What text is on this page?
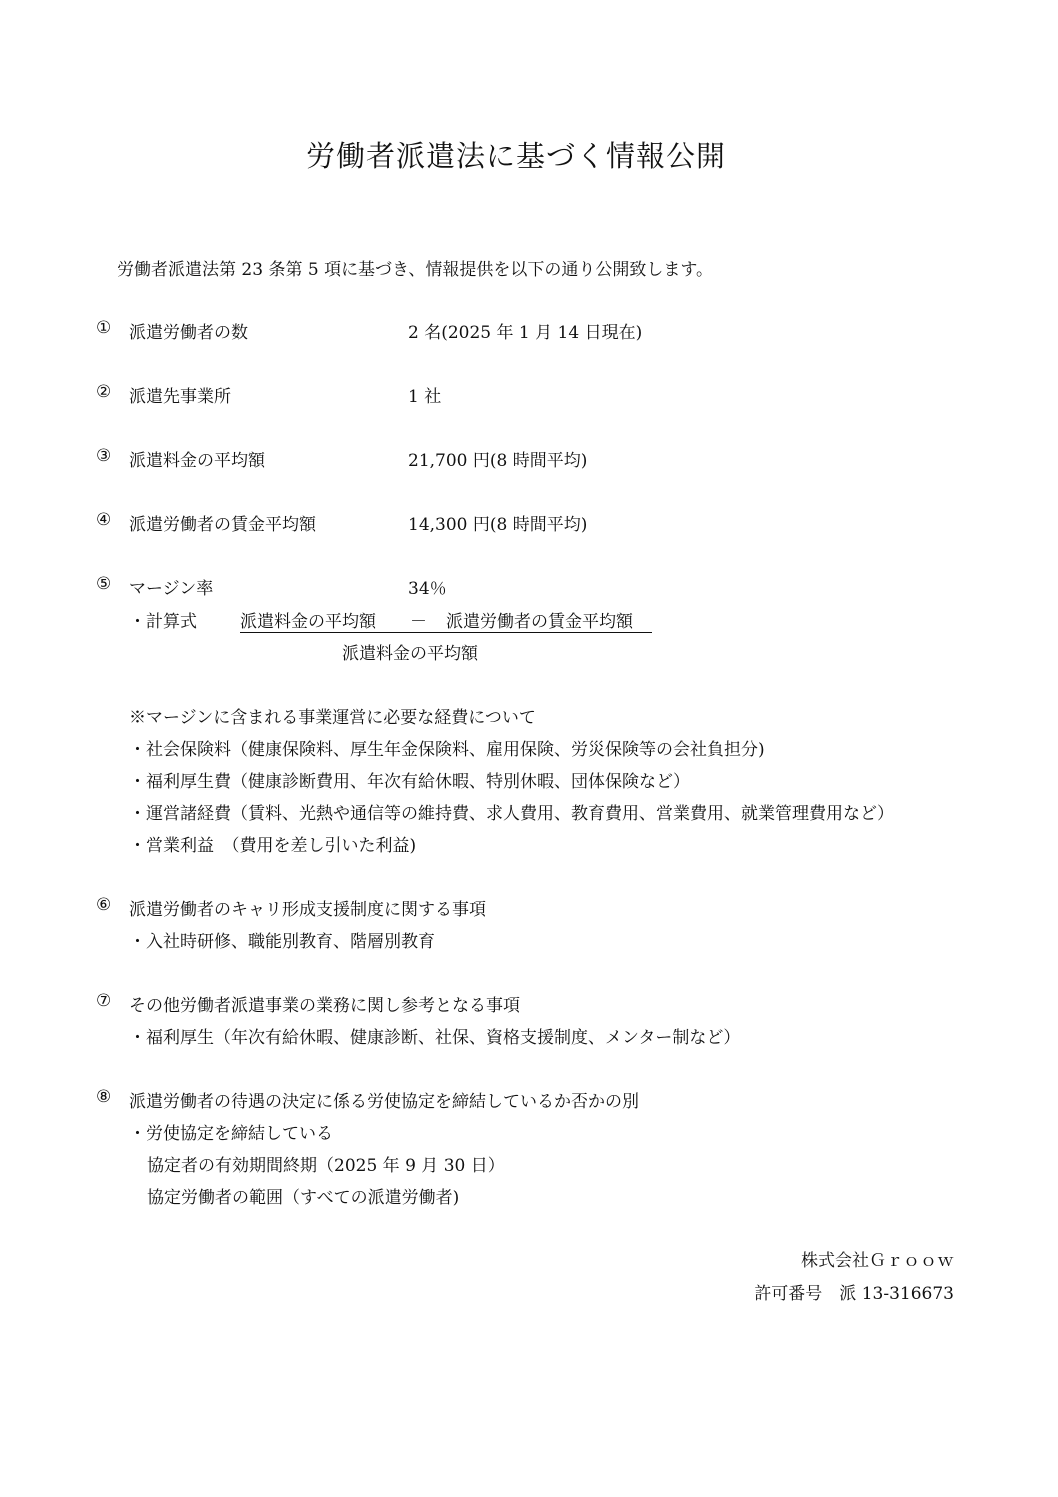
労働者派遣法に基づく情報公開
労働者派遣法第 23 条第 5 項に基づき、情報提供を以下の通り公開致します。
① 派遣労働者の数	2 名(2025 年 1 月 14 日現在)
② 派遣先事業所	1 社
③ 派遣料金の平均額	21,700 円(8 時間平均)
④ 派遣労働者の賃金平均額	14,300 円(8 時間平均)
⑤ マージン率	34％
・計算式	派遣料金の平均額 － 派遣労働者の賃金平均額
派遣料金の平均額
※マージンに含まれる事業運営に必要な経費について
・社会保険料（健康保険料、厚生年金保険料、雇用保険、労災保険等の会社負担分)
・福利厚生費（健康診断費用、年次有給休暇、特別休暇、団体保険など）
・運営諸経費（賃料、光熱や通信等の維持費、求人費用、教育費用、営業費用、就業管理費用など）
・営業利益　（費用を差し引いた利益)
⑥ 派遣労働者のキャリ形成支援制度に関する事項
・入社時研修、職能別教育、階層別教育
⑦ その他労働者派遣事業の業務に関し参考となる事項
・福利厚生（年次有給休暇、健康診断、社保、資格支援制度、メンター制など）
⑧ 派遣労働者の待遇の決定に係る労使協定を締結しているか否かの別
・労使協定を締結している
協定者の有効期間終期（2025 年 9 月 30 日）
協定労働者の範囲（すべての派遣労働者)
株式会社Ｇｒｏｏｗ
許可番号　派 13-316673
